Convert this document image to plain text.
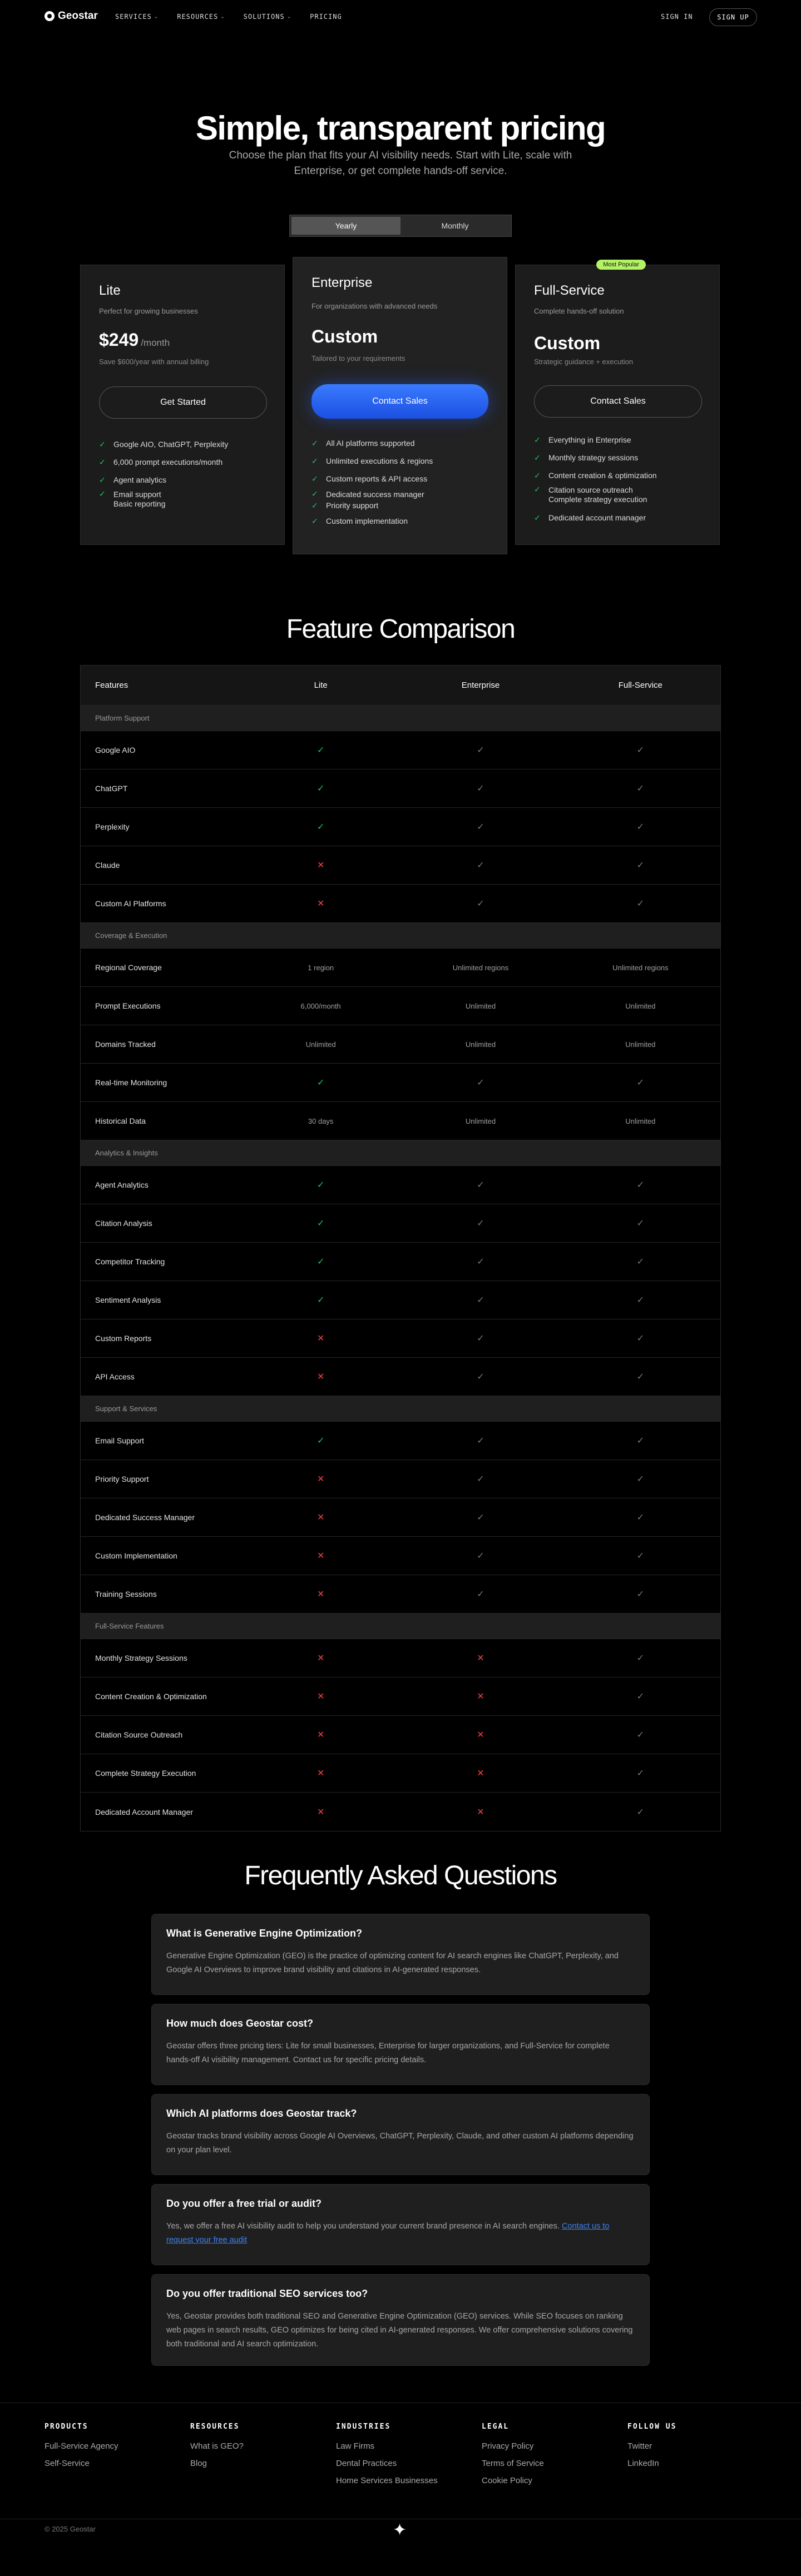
Geostar	SERVICES ⌄	RESOURCES ⌄	SOLUTIONS ⌄	PRICING	SIGN IN	SIGN UP
Simple, transparent pricing

Choose the plan that fits your AI visibility needs. Start with Lite, scale with Enterprise, or get complete hands-off service.

Yearly	Monthly
Lite
Perfect for growing businesses
$249 /month
Save $600/year with annual billing
Get Started
✓ Google AIO, ChatGPT, Perplexity
✓ 6,000 prompt executions/month
✓ Agent analytics
✓ Email support
Basic reporting
Enterprise
For organizations with advanced needs
Custom
Tailored to your requirements
Contact Sales
✓ All AI platforms supported
✓ Unlimited executions & regions
✓ Custom reports & API access
✓ Dedicated success manager
✓ Priority support
✓ Custom implementation
Most Popular
Full-Service
Complete hands-off solution
Custom
Strategic guidance + execution
Contact Sales
✓ Everything in Enterprise
✓ Monthly strategy sessions
✓ Content creation & optimization
✓ Citation source outreach
Complete strategy execution
✓ Dedicated account manager
Feature Comparison
Features	Lite	Enterprise	Full-Service
Platform Support
Google AIO	✓	✓	✓
ChatGPT	✓	✓	✓
Perplexity	✓	✓	✓
Claude	✕	✓	✓
Custom AI Platforms	✕	✓	✓
Coverage & Execution
Regional Coverage	1 region	Unlimited regions	Unlimited regions
Prompt Executions	6,000/month	Unlimited	Unlimited
Domains Tracked	Unlimited	Unlimited	Unlimited
Real-time Monitoring	✓	✓	✓
Historical Data	30 days	Unlimited	Unlimited
Analytics & Insights
Agent Analytics	✓	✓	✓
Citation Analysis	✓	✓	✓
Competitor Tracking	✓	✓	✓
Sentiment Analysis	✓	✓	✓
Custom Reports	✕	✓	✓
API Access	✕	✓	✓
Support & Services
Email Support	✓	✓	✓
Priority Support	✕	✓	✓
Dedicated Success Manager	✕	✓	✓
Custom Implementation	✕	✓	✓
Training Sessions	✕	✓	✓
Full-Service Features
Monthly Strategy Sessions	✕	✕	✓
Content Creation & Optimization	✕	✕	✓
Citation Source Outreach	✕	✕	✓
Complete Strategy Execution	✕	✕	✓
Dedicated Account Manager	✕	✕	✓
Frequently Asked Questions
What is Generative Engine Optimization?
Generative Engine Optimization (GEO) is the practice of optimizing content for AI search engines like ChatGPT, Perplexity, and Google AI Overviews to improve brand visibility and citations in AI-generated responses.
How much does Geostar cost?
Geostar offers three pricing tiers: Lite for small businesses, Enterprise for larger organizations, and Full-Service for complete hands-off AI visibility management. Contact us for specific pricing details.
Which AI platforms does Geostar track?
Geostar tracks brand visibility across Google AI Overviews, ChatGPT, Perplexity, Claude, and other custom AI platforms depending on your plan level.
Do you offer a free trial or audit?
Yes, we offer a free AI visibility audit to help you understand your current brand presence in AI search engines. Contact us to request your free audit
Do you offer traditional SEO services too?
Yes, Geostar provides both traditional SEO and Generative Engine Optimization (GEO) services. While SEO focuses on ranking web pages in search results, GEO optimizes for being cited in AI-generated responses. We offer comprehensive solutions covering both traditional and AI search optimization.
PRODUCTS
Full-Service Agency
Self-Service
RESOURCES
What is GEO?
Blog
INDUSTRIES
Law Firms
Dental Practices
Home Services Businesses
LEGAL
Privacy Policy
Terms of Service
Cookie Policy
FOLLOW US
Twitter
LinkedIn
© 2025 Geostar	✦
